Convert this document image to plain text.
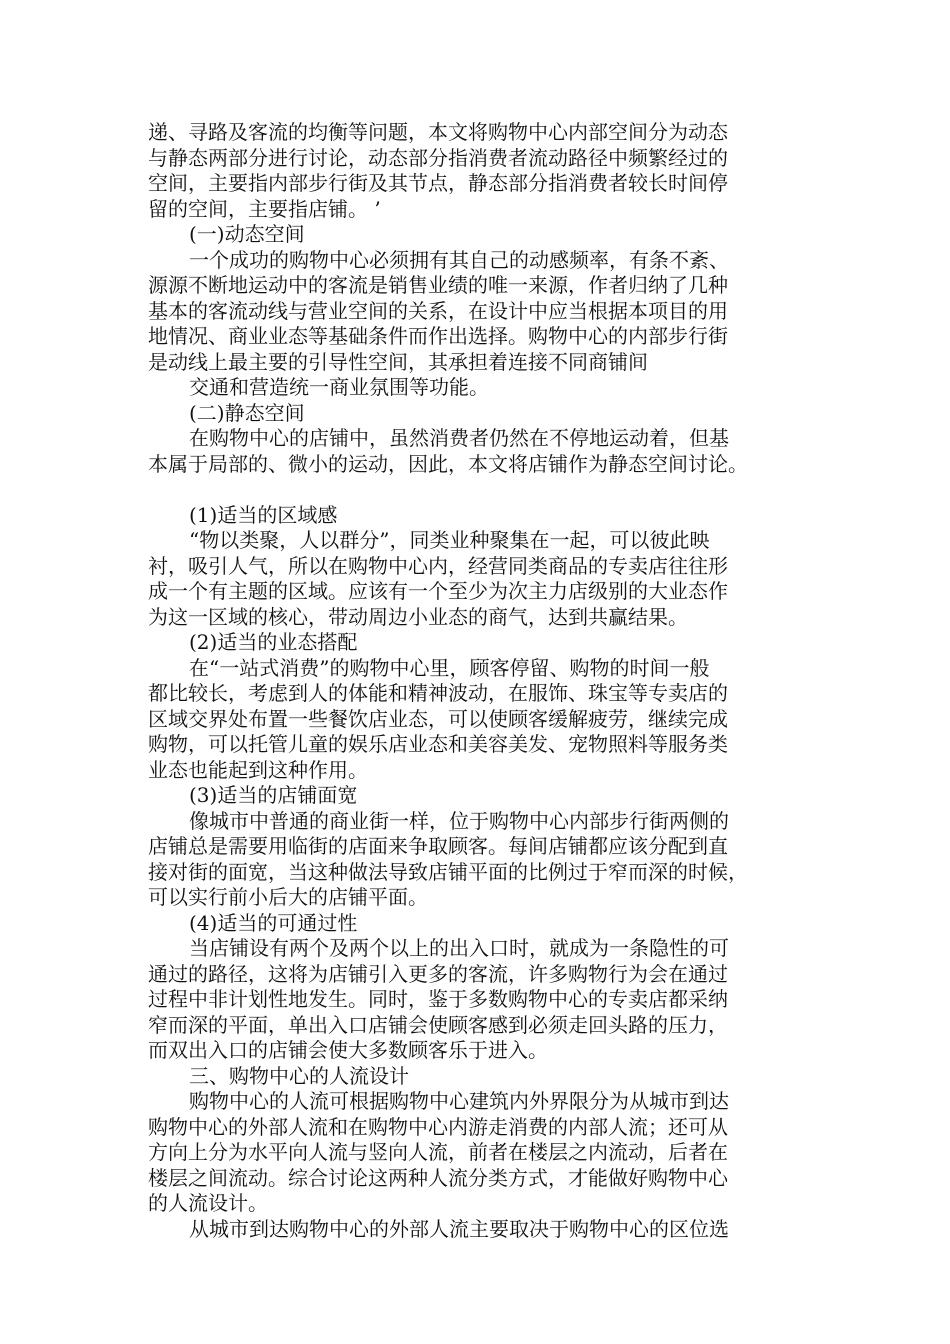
递、寻路及客流的均衡等问题，本文将购物中心内部空间分为动态
与静态两部分进行讨论，动态部分指消费者流动路径中频繁经过的
空间，主要指内部步行街及其节点，静态部分指消费者较长时间停
留的空间，主要指店铺。 ’
(一)动态空间
一个成功的购物中心必须拥有其自己的动感频率，有条不紊、
源源不断地运动中的客流是销售业绩的唯一来源，作者归纳了几种
基本的客流动线与营业空间的关系，在设计中应当根据本项目的用
地情况、商业业态等基础条件而作出选择。购物中心的内部步行街
是动线上最主要的引导性空间，其承担着连接不同商铺间
交通和营造统一商业氛围等功能。
(二)静态空间
在购物中心的店铺中，虽然消费者仍然在不停地运动着，但基
本属于局部的、微小的运动，因此，本文将店铺作为静态空间讨论。
(1)适当的区域感
“物以类聚，人以群分”，同类业种聚集在一起，可以彼此映
衬，吸引人气，所以在购物中心内，经营同类商品的专卖店往往形
成一个有主题的区域。应该有一个至少为次主力店级别的大业态作
为这一区域的核心，带动周边小业态的商气，达到共赢结果。
(2)适当的业态搭配
在“一站式消费”的购物中心里，顾客停留、购物的时间一般
都比较长，考虑到人的体能和精神波动，在服饰、珠宝等专卖店的
区域交界处布置一些餐饮店业态，可以使顾客缓解疲劳，继续完成
购物，可以托管儿童的娱乐店业态和美容美发、宠物照料等服务类
业态也能起到这种作用。
(3)适当的店铺面宽
像城市中普通的商业街一样，位于购物中心内部步行街两侧的
店铺总是需要用临街的店面来争取顾客。每间店铺都应该分配到直
接对街的面宽，当这种做法导致店铺平面的比例过于窄而深的时候，
可以实行前小后大的店铺平面。
(4)适当的可通过性
当店铺设有两个及两个以上的出入口时，就成为一条隐性的可
通过的路径，这将为店铺引入更多的客流，许多购物行为会在通过
过程中非计划性地发生。同时，鉴于多数购物中心的专卖店都采纳
窄而深的平面，单出入口店铺会使顾客感到必须走回头路的压力，
而双出入口的店铺会使大多数顾客乐于进入。
三、购物中心的人流设计
购物中心的人流可根据购物中心建筑内外界限分为从城市到达
购物中心的外部人流和在购物中心内游走消费的内部人流；还可从
方向上分为水平向人流与竖向人流，前者在楼层之内流动，后者在
楼层之间流动。综合讨论这两种人流分类方式，才能做好购物中心
的人流设计。
从城市到达购物中心的外部人流主要取决于购物中心的区位选
